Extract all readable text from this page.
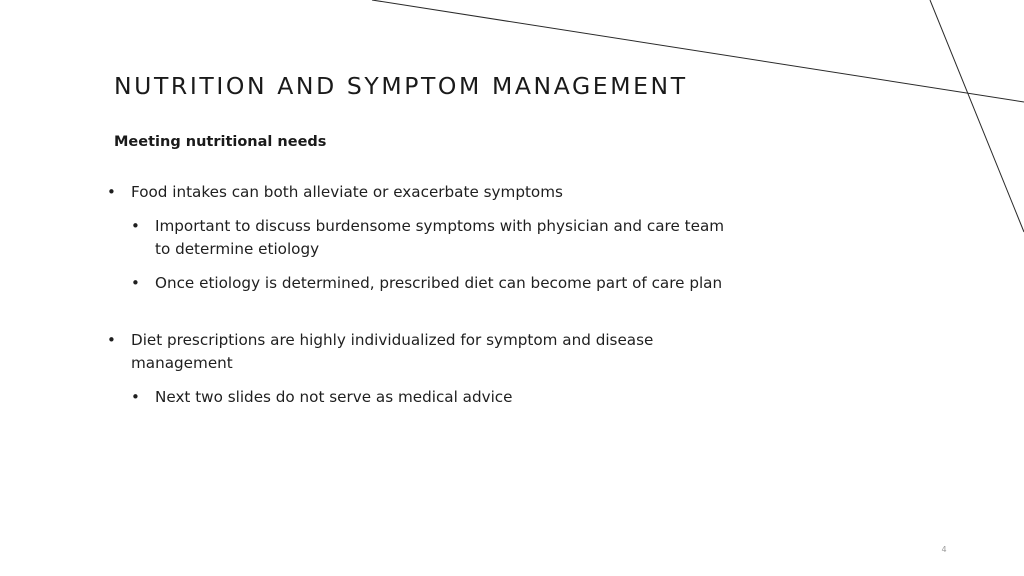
NUTRITION AND SYMPTOM MANAGEMENT
Meeting nutritional needs

• Food intakes can both alleviate or exacerbate symptoms

• Important to discuss burdensome symptoms with physician and care team to determine etiology

• Once etiology is determined, prescribed diet can become part of care plan

• Diet prescriptions are highly individualized for symptom and disease management

• Next two slides do not serve as medical advice

4
